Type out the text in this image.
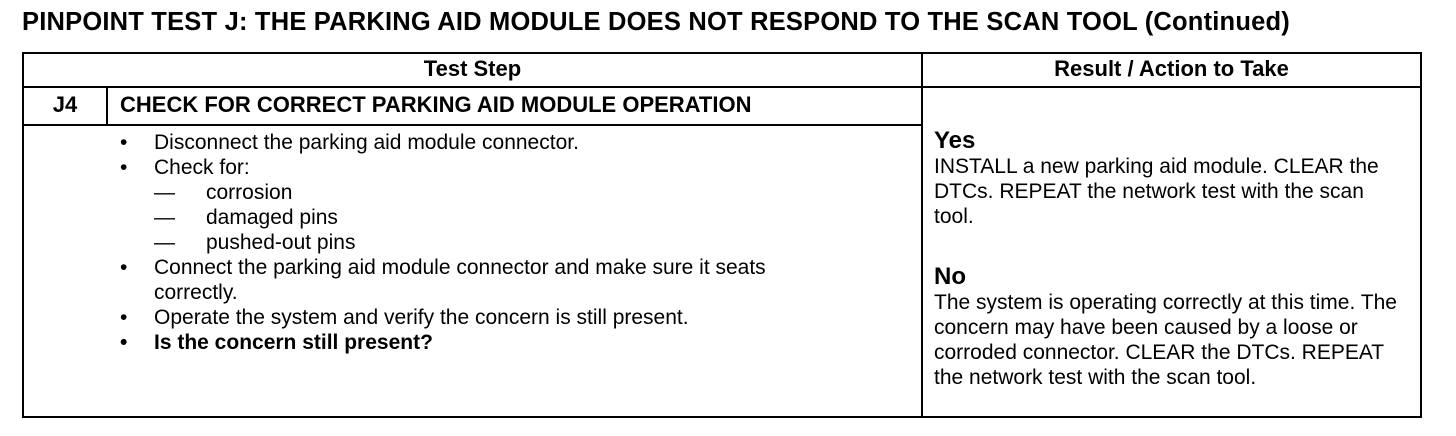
PINPOINT TEST J: THE PARKING AID MODULE DOES NOT RESPOND TO THE SCAN TOOL (Continued)
Test Step	Result / Action to Take
J4	CHECK FOR CORRECT PARKING AID MODULE OPERATION
• Disconnect the parking aid module connector.
• Check for:
— corrosion
— damaged pins
— pushed-out pins
• Connect the parking aid module connector and make sure it seats correctly.
• Operate the system and verify the concern is still present.
• Is the concern still present?
Yes
INSTALL a new parking aid module. CLEAR the DTCs. REPEAT the network test with the scan tool.
No
The system is operating correctly at this time. The concern may have been caused by a loose or corroded connector. CLEAR the DTCs. REPEAT the network test with the scan tool.
